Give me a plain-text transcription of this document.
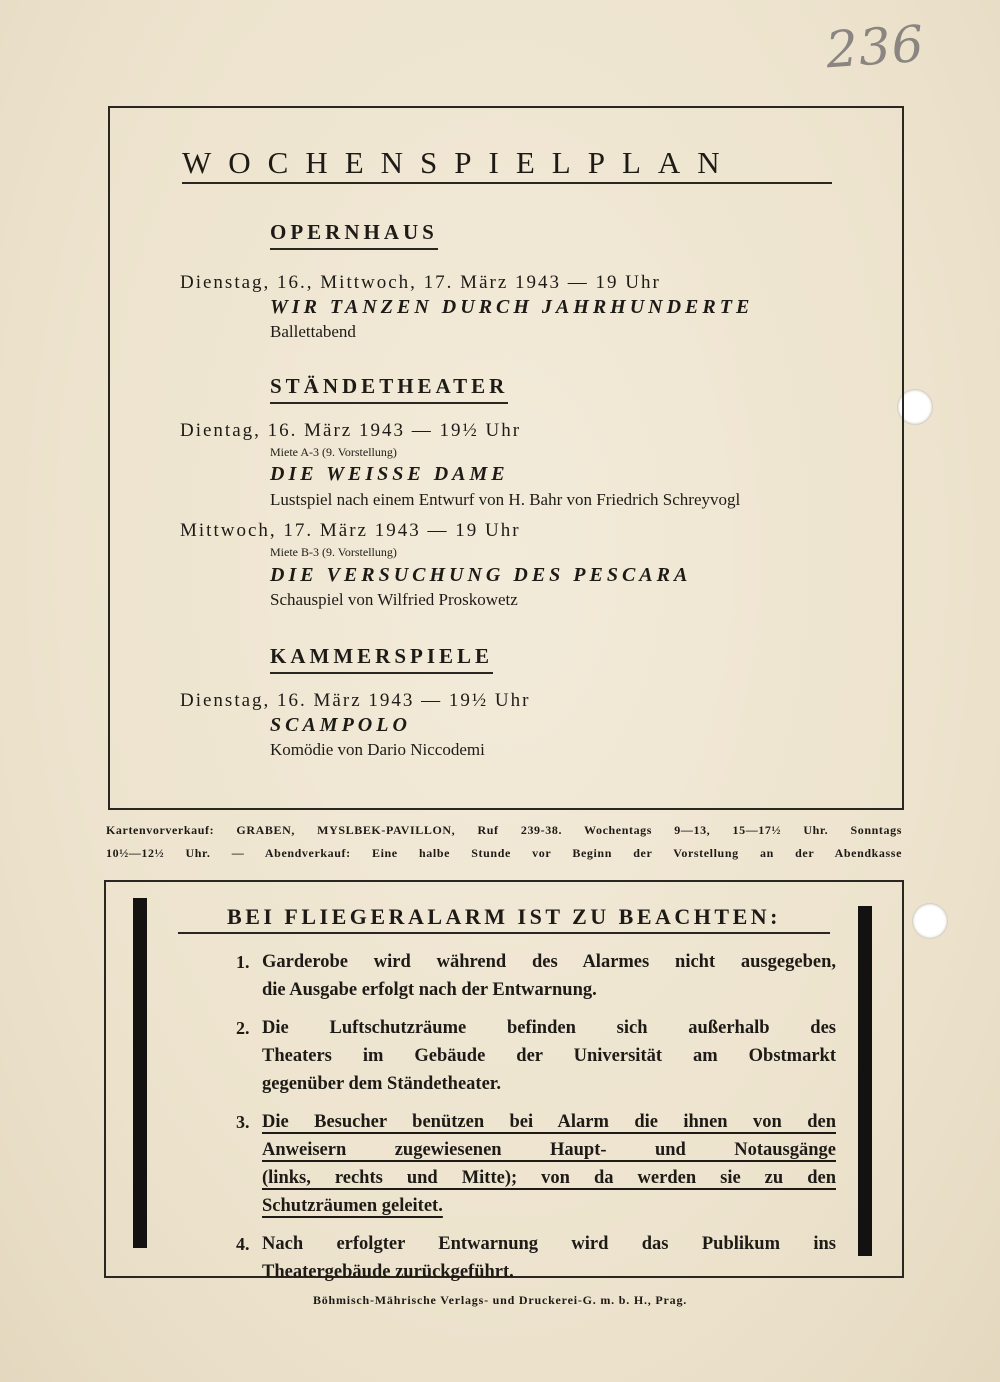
236
WOCHENSPIELPLAN
OPERNHAUS
Dienstag, 16., Mittwoch, 17. März 1943 — 19 Uhr
WIR TANZEN DURCH JAHRHUNDERTE
Ballettabend
STÄNDETHEATER
Dientag, 16. März 1943 — 19½ Uhr
Miete A-3 (9. Vorstellung)
DIE WEISSE DAME
Lustspiel nach einem Entwurf von H. Bahr von Friedrich Schreyvogl
Mittwoch, 17. März 1943 — 19 Uhr
Miete B-3 (9. Vorstellung)
DIE VERSUCHUNG DES PESCARA
Schauspiel von Wilfried Proskowetz
KAMMERSPIELE
Dienstag, 16. März 1943 — 19½ Uhr
SCAMPOLO
Komödie von Dario Niccodemi
Kartenvorverkauf: GRABEN, MYSLBEK-PAVILLON, Ruf 239-38. Wochentags 9—13, 15—17½ Uhr. Sonntags
10½—12½ Uhr. — Abendverkauf: Eine halbe Stunde vor Beginn der Vorstellung an der Abendkasse
BEI FLIEGERALARM IST ZU BEACHTEN:
1. Garderobe wird während des Alarmes nicht ausgegeben,
die Ausgabe erfolgt nach der Entwarnung.
2. Die Luftschutzräume befinden sich außerhalb des
Theaters im Gebäude der Universität am Obstmarkt
gegenüber dem Ständetheater.
3. Die Besucher benützen bei Alarm die ihnen von den
Anweisern zugewiesenen Haupt- und Notausgänge
(links, rechts und Mitte); von da werden sie zu den
Schutzräumen geleitet.
4. Nach erfolgter Entwarnung wird das Publikum ins
Theatergebäude zurückgeführt.
Böhmisch-Mährische Verlags- und Druckerei-G. m. b. H., Prag.
